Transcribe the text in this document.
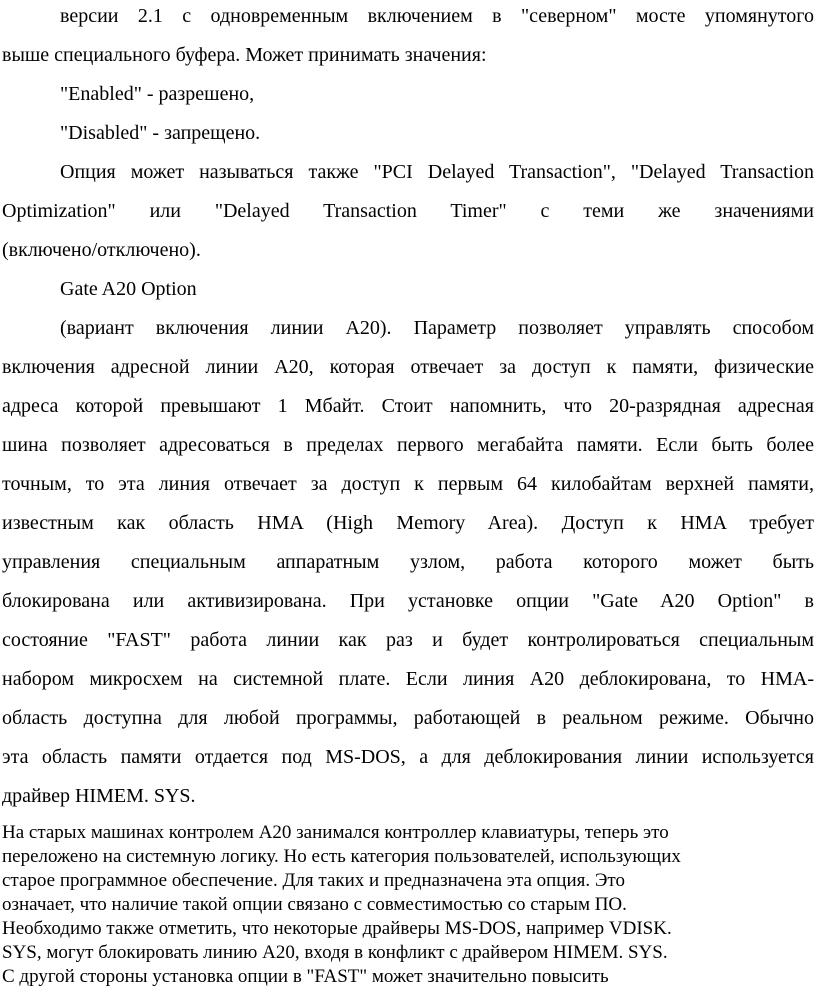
версии 2.1 с одновременным включением в "северном" мосте упомянутого

выше специального буфера. Может принимать значения:

"Enabled" - разрешено,

"Disabled" - запрещено.

Опция может называться также "PCI Delayed Transaction", "Delayed Transaction

Optimization" или "Delayed Transaction Timer" с теми же значениями

(включено/отключено).

Gate A20 Option

(вариант включения линии A20). Параметр позволяет управлять способом

включения адресной линии A20, которая отвечает за доступ к памяти, физические

адреса которой превышают 1 Мбайт. Стоит напомнить, что 20-разрядная адресная

шина позволяет адресоваться в пределах первого мегабайта памяти. Если быть более

точным, то эта линия отвечает за доступ к первым 64 килобайтам верхней памяти,

известным как область HMA (High Memory Area). Доступ к HMA требует

управления специальным аппаратным узлом, работа которого может быть

блокирована или активизирована. При установке опции "Gate A20 Option" в

состояние "FAST" работа линии как раз и будет контролироваться специальным

набором микросхем на системной плате. Если линия A20 деблокирована, то HMA-

область доступна для любой программы, работающей в реальном режиме. Обычно

эта область памяти отдается под MS-DOS, а для деблокирования линии используется

драйвер HIMEM. SYS.

На старых машинах контролем A20 занимался контроллер клавиатуры, теперь это

переложено на системную логику. Но есть категория пользователей, использующих

старое программное обеспечение. Для таких и предназначена эта опция. Это

означает, что наличие такой опции связано с совместимостью со старым ПО.

Необходимо также отметить, что некоторые драйверы MS-DOS, например VDISK.

SYS, могут блокировать линию A20, входя в конфликт с драйвером HIMEM. SYS.

С другой стороны установка опции в "FAST" может значительно повысить
